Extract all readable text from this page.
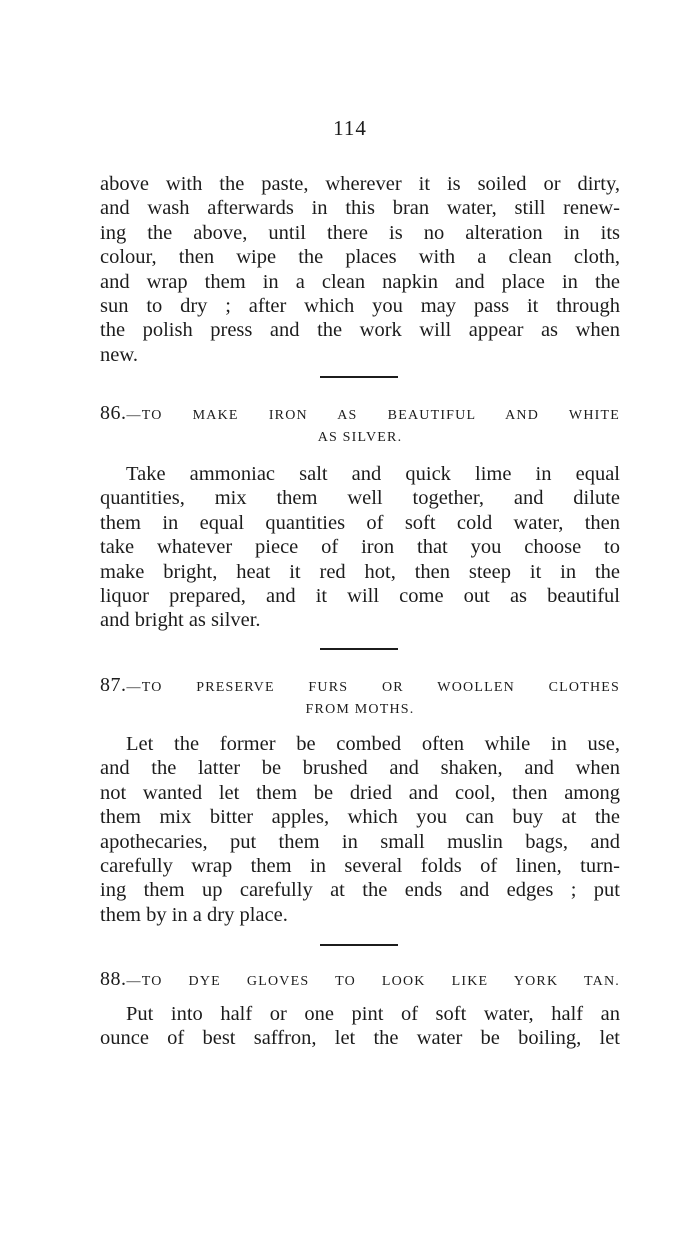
114
above with the paste, wherever it is soiled or dirty,
and wash afterwards in this bran water, still renew-
ing the above, until there is no alteration in its
colour, then wipe the places with a clean cloth,
and wrap them in a clean napkin and place in the
sun to dry ; after which you may pass it through
the polish press and the work will appear as when
new.
86.—TO MAKE IRON AS BEAUTIFUL AND WHITE
AS SILVER.
Take ammoniac salt and quick lime in equal
quantities, mix them well together, and dilute
them in equal quantities of soft cold water, then
take whatever piece of iron that you choose to
make bright, heat it red hot, then steep it in the
liquor prepared, and it will come out as beautiful
and bright as silver.
87.—TO PRESERVE FURS OR WOOLLEN CLOTHES
FROM MOTHS.
Let the former be combed often while in use,
and the latter be brushed and shaken, and when
not wanted let them be dried and cool, then among
them mix bitter apples, which you can buy at the
apothecaries, put them in small muslin bags, and
carefully wrap them in several folds of linen, turn-
ing them up carefully at the ends and edges ; put
them by in a dry place.
88.—TO DYE GLOVES TO LOOK LIKE YORK TAN.
Put into half or one pint of soft water, half an
ounce of best saffron, let the water be boiling, let
